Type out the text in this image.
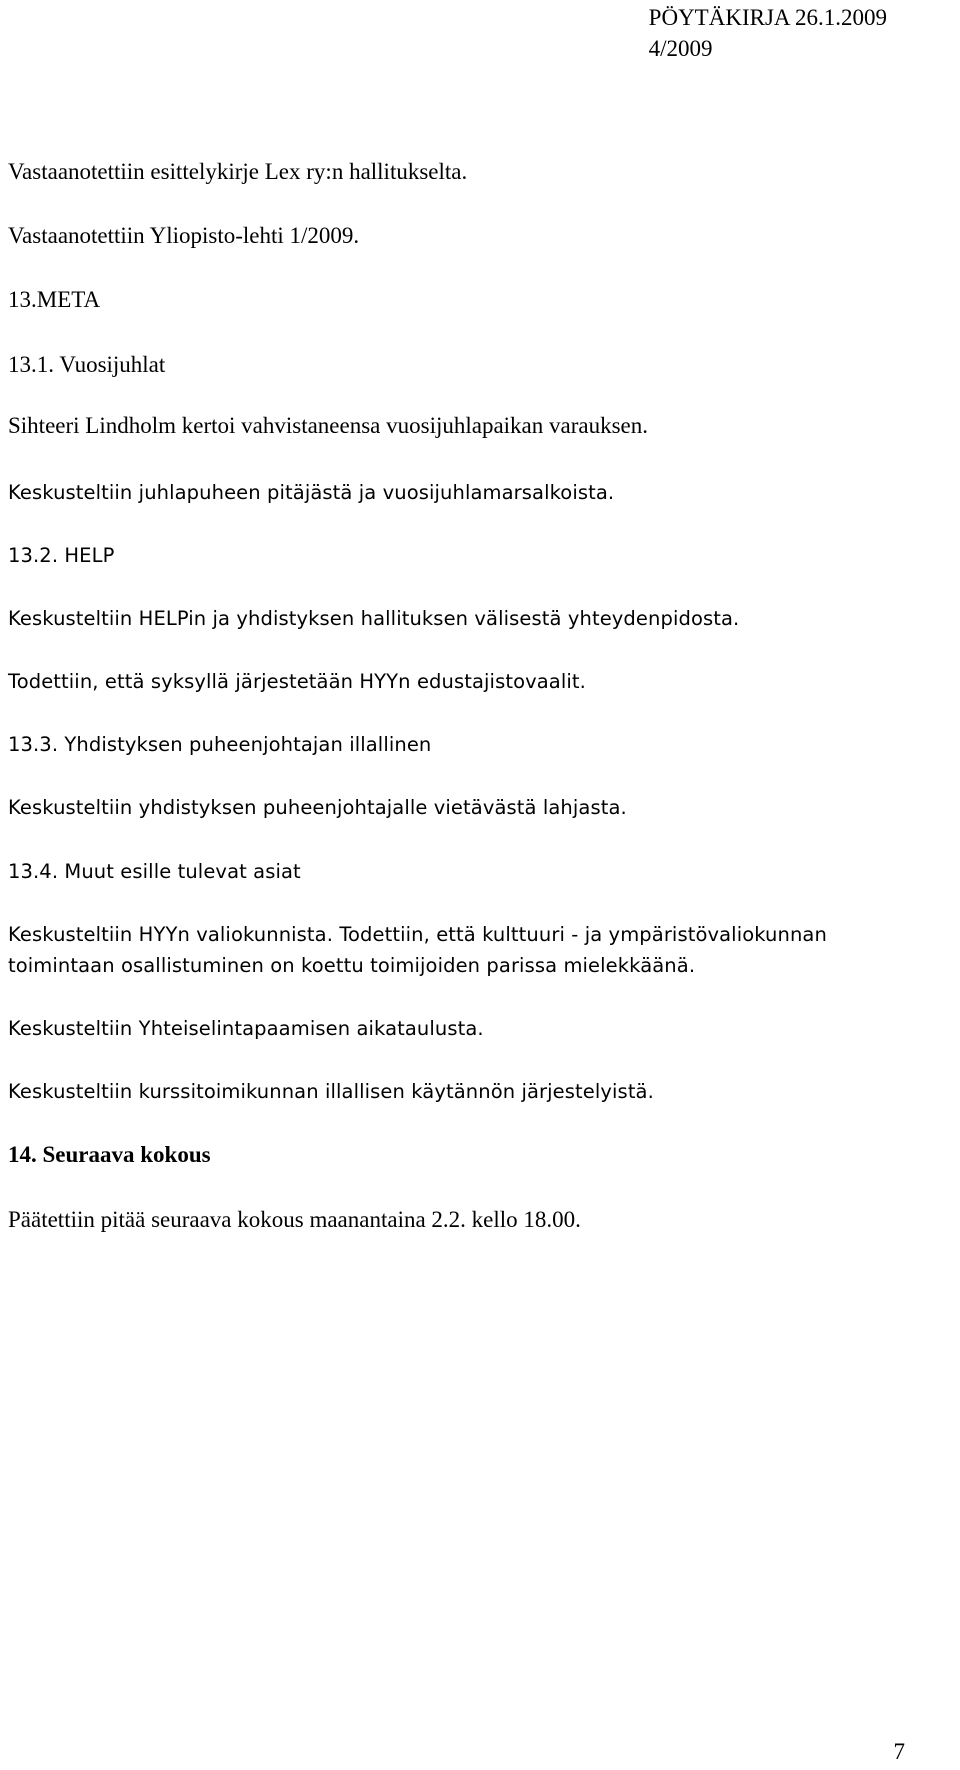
PÖYTÄKIRJA 26.1.2009
4/2009
Vastaanotettiin esittelykirje Lex ry:n hallitukselta.
Vastaanotettiin Yliopisto-lehti 1/2009.
13.META
13.1. Vuosijuhlat
Sihteeri Lindholm kertoi vahvistaneensa vuosijuhlapaikan varauksen.
Keskusteltiin juhlapuheen pitäjästä ja vuosijuhlamarsalkoista.
13.2. HELP
Keskusteltiin HELPin ja yhdistyksen hallituksen välisestä yhteydenpidosta.
Todettiin, että syksyllä järjestetään HYYn edustajistovaalit.
13.3. Yhdistyksen puheenjohtajan illallinen
Keskusteltiin yhdistyksen puheenjohtajalle vietävästä lahjasta.
13.4. Muut esille tulevat asiat
Keskusteltiin HYYn valiokunnista. Todettiin, että kulttuuri - ja ympäristövaliokunnan
toimintaan osallistuminen on koettu toimijoiden parissa mielekkäänä.
Keskusteltiin Yhteiselintapaamisen aikataulusta.
Keskusteltiin kurssitoimikunnan illallisen käytännön järjestelyistä.
14. Seuraava kokous
Päätettiin pitää seuraava kokous maanantaina 2.2. kello 18.00.
7
